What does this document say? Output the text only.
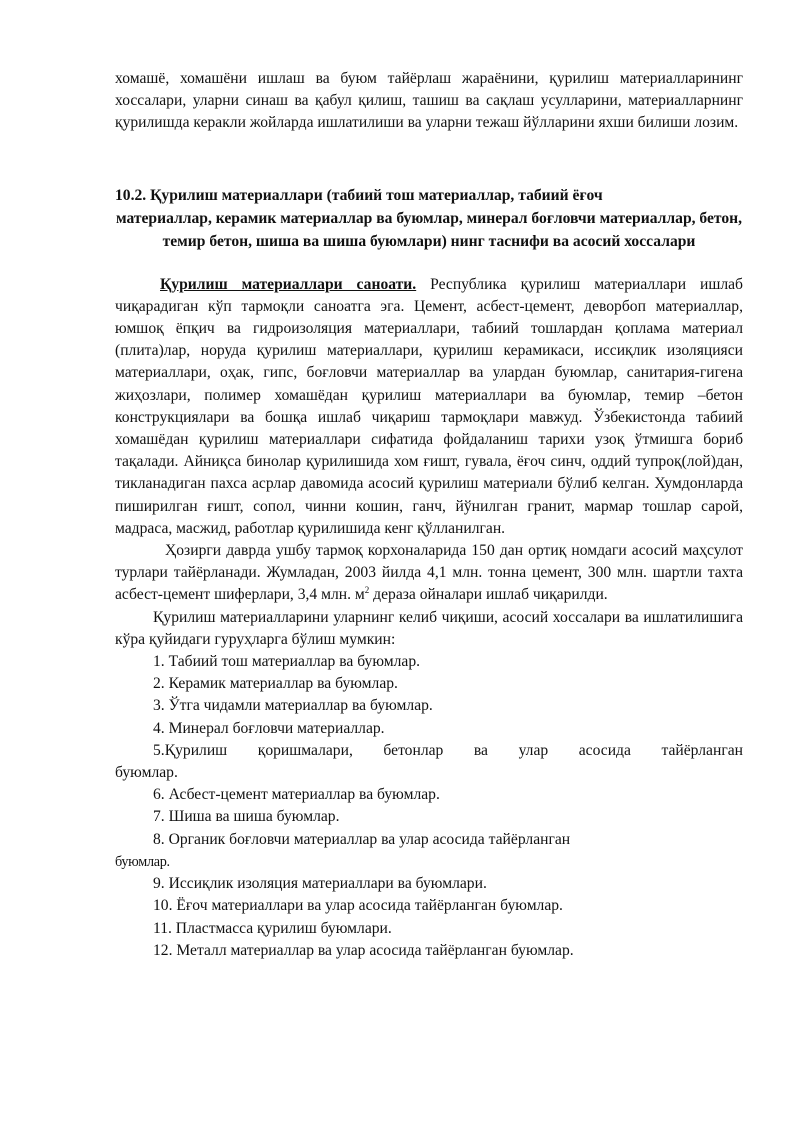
хомашё, хомашёни ишлаш ва буюм тайёрлаш жараёнини, қурилиш материалларининг хоссалари, уларни синаш ва қабул қилиш, ташиш ва сақлаш усулларини, материалларнинг қурилишда керакли жойларда ишлатилиши ва уларни тежаш йўлларини яхши билиши лозим.

10.2. Қурилиш материаллари (табиий тош материаллар, табиий ёғоч
материаллар, керамик материаллар ва буюмлар, минерал боғловчи материаллар, бетон, темир бетон, шиша ва шиша буюмлари) нинг таснифи ва асосий хоссалари

Қурилиш материаллари саноати. Республика қурилиш материаллари ишлаб чиқарадиган кўп тармоқли саноатга эга. Цемент, асбест-цемент, деворбоп материаллар, юмшоқ ёпқич ва гидроизоляция материаллари, табиий тошлардан қоплама материал (плита)лар, норуда қурилиш материаллари, қурилиш керамикаси, иссиқлик изоляцияси материаллари, оҳак, гипс, боғловчи материаллар ва улардан буюмлар, санитария-гигена жиҳозлари, полимер хомашёдан қурилиш материаллари ва буюмлар, темир –бетон конструкциялари ва бошқа ишлаб чиқариш тармоқлари мавжуд. Ўзбекистонда табиий хомашёдан қурилиш материаллари сифатида фойдаланиш тарихи узоқ ўтмишга бориб тақалади. Айниқса бинолар қурилишида хом ғишт, гувала, ёғоч синч, оддий тупроқ(лой)дан, тикланадиган пахса асрлар давомида асосий қурилиш материали бўлиб келган. Хумдонларда пиширилган ғишт, сопол, чинни кошин, ганч, йўнилган гранит, мармар тошлар сарой, мадраса, масжид, работлар қурилишида кенг қўлланилган.

Ҳозирги даврда ушбу тармоқ корхоналарида 150 дан ортиқ номдаги асосий маҳсулот турлари тайёрланади. Жумладан, 2003 йилда 4,1 млн. тонна цемент, 300 млн. шартли тахта асбест-цемент шиферлари, 3,4 млн. $м^2$ дераза ойналари ишлаб чиқарилди.

Қурилиш материалларини уларнинг келиб чиқиши, асосий хоссалари ва ишлатилишига кўра қуйидаги гуруҳларга бўлиш мумкин:

1. Табиий тош материаллар ва буюмлар.
2. Керамик материаллар ва буюмлар.
3. Ўтга чидамли материаллар ва буюмлар.
4. Минерал боғловчи материаллар.
5.Қурилиш қоришмалари, бетонлар ва улар асосида тайёрланган
буюмлар.
6. Асбест-цемент материаллар ва буюмлар.
7. Шиша ва шиша буюмлар.
8. Органик боғловчи материаллар ва улар асосида тайёрланган
буюмлар.
9. Иссиқлик изоляция материаллари ва буюмлари.
10. Ёғоч материаллари ва улар асосида тайёрланган буюмлар.
11. Пластмасса қурилиш буюмлари.
12. Металл материаллар ва улар асосида тайёрланган буюмлар.
